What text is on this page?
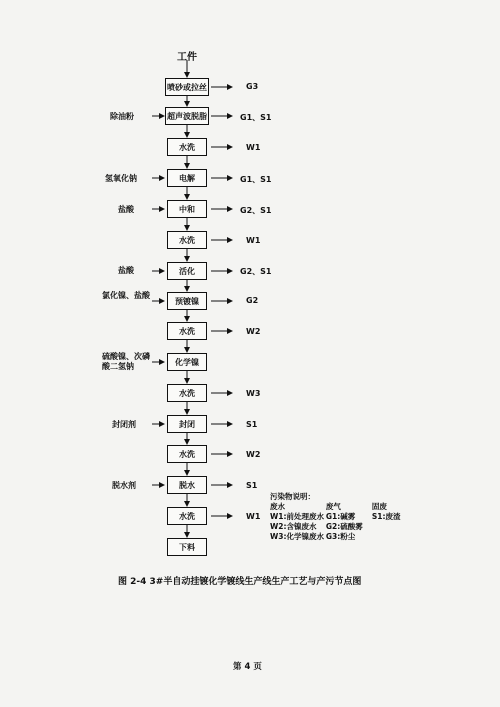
工件
喷砂或拉丝
超声波脱脂
水洗
电解
中和
水洗
活化
预镀镍
水洗
化学镍
水洗
封闭
水洗
脱水
水洗
下料
除油粉
氢氧化钠
盐酸
盐酸
氯化镍、盐酸
硫酸镍、次磷酸二氢钠
封闭剂
脱水剂
G3
G1、S1
W1
G1、S1
G2、S1
W1
G2、S1
G2
W2
W3
S1
W2
S1
W1
污染物说明：
废水	废气	固废
W1:前处理废水 G1:碱雾	S1:废渣
W2:含镍废水	G2:硫酸雾
W3:化学镍废水 G3:粉尘
图 2-4 3#半自动挂镀化学镀线生产线生产工艺与产污节点图
第 4 页
